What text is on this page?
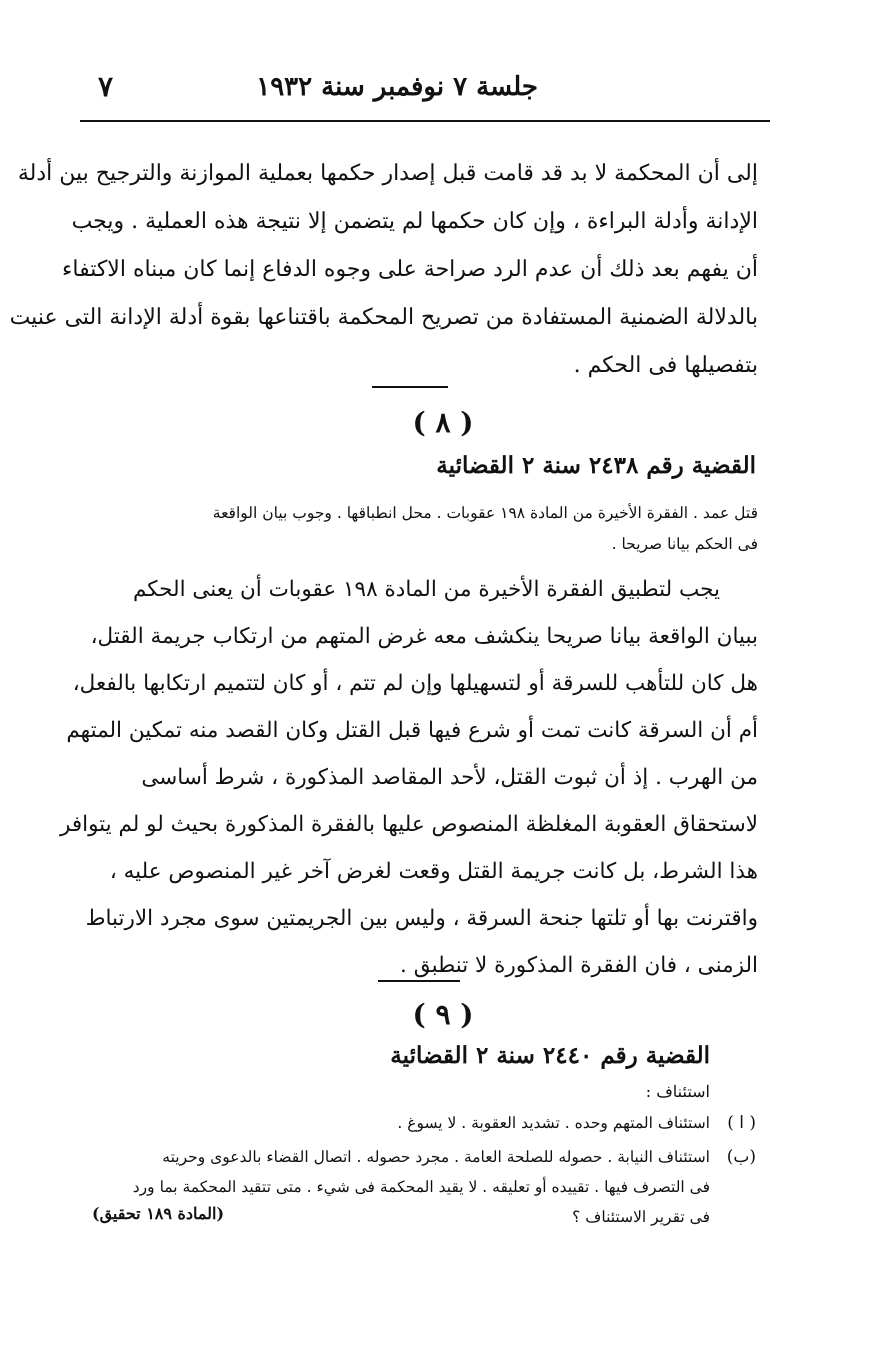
جلسة ٧ نوفمبر سنة ١٩٣٢
٧
إلى أن المحكمة لا بد قد قامت قبل إصدار حكمها بعملية الموازنة والترجيح بين أدلة
الإدانة وأدلة البراءة ، وإن كان حكمها لم يتضمن إلا نتيجة هذه العملية . ويجب
أن يفهم بعد ذلك أن عدم الرد صراحة على وجوه الدفاع إنما كان مبناه الاكتفاء
بالدلالة الضمنية المستفادة من تصريح المحكمة باقتناعها بقوة أدلة الإدانة التى عنيت
بتفصيلها فى الحكم .
( ٨ )
القضية رقم ٢٤٣٨ سنة ٢ القضائية
قتل عمد . الفقرة الأخيرة من المادة ١٩٨ عقوبات . محل انطباقها . وجوب بيان الواقعة
فى الحكم بيانا صريحا .
يجب لتطبيق الفقرة الأخيرة من المادة ١٩٨ عقوبات أن يعنى الحكم
ببيان الواقعة بيانا صريحا ينكشف معه غرض المتهم من ارتكاب جريمة القتل،
هل كان للتأهب للسرقة أو لتسهيلها وإن لم تتم ، أو كان لتتميم ارتكابها بالفعل،
أم أن السرقة كانت تمت أو شرع فيها قبل القتل وكان القصد منه تمكين المتهم
من الهرب . إذ أن ثبوت القتل، لأحد المقاصد المذكورة ، شرط أساسى
لاستحقاق العقوبة المغلظة المنصوص عليها بالفقرة المذكورة بحيث لو لم يتوافر
هذا الشرط، بل كانت جريمة القتل وقعت لغرض آخر غير المنصوص عليه ،
واقترنت بها أو تلتها جنحة السرقة ، وليس بين الجريمتين سوى مجرد الارتباط
الزمنى ، فان الفقرة المذكورة لا تنطبق .
( ٩ )
القضية رقم ٢٤٤٠ سنة ٢ القضائية
استئناف :
( ا )
استئناف المتهم وحده . تشديد العقوبة . لا يسوغ .
(ب)
استئناف النيابة . حصوله للصلحة العامة . مجرد حصوله . اتصال القضاء بالدعوى وحريته
فى التصرف فيها . تقييده أو تعليقه . لا يقيد المحكمة فى شيء . متى تتقيد المحكمة بما ورد
فى تقرير الاستئناف ؟
(المادة ١٨٩ تحقيق)
